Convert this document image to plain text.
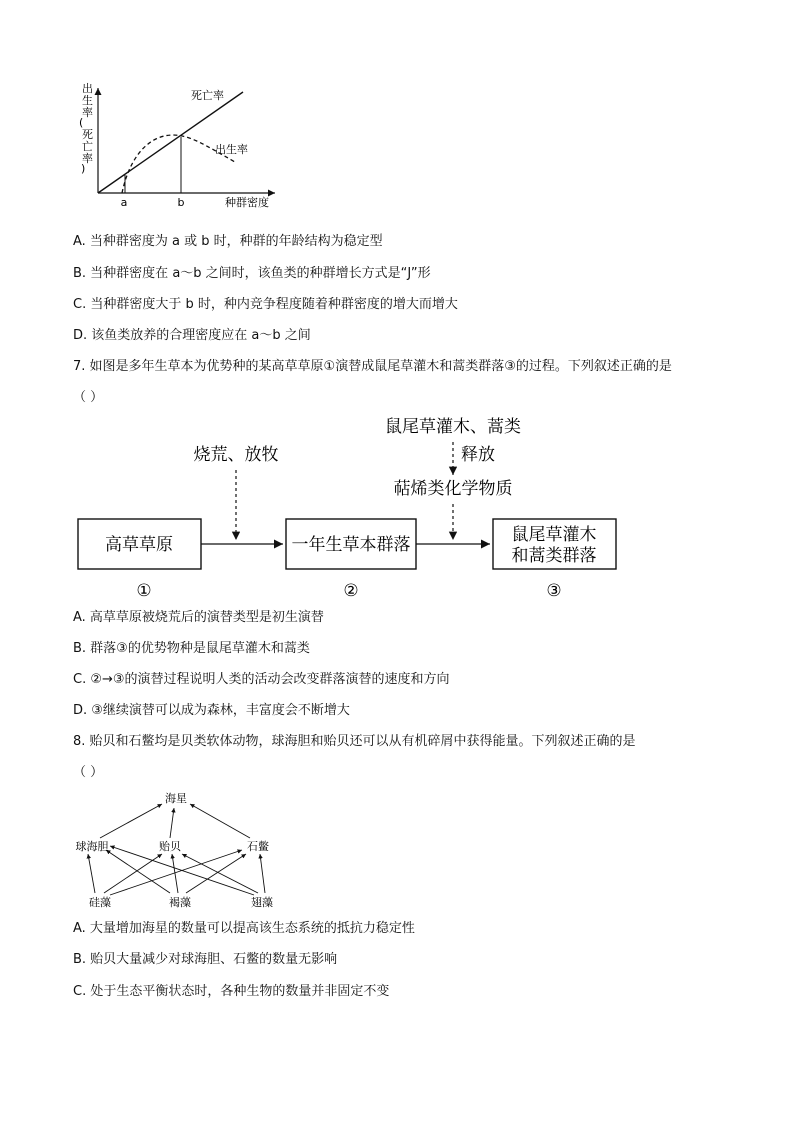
a	b	种群密度
死亡率
出生率
出
生
率
(
死
亡
率
)
A. 当种群密度为 a 或 b 时，种群的年龄结构为稳定型
B. 当种群密度在 a～b 之间时，该鱼类的种群增长方式是“J”形
C. 当种群密度大于 b 时，种内竞争程度随着种群密度的增大而增大
D. 该鱼类放养的合理密度应在 a～b 之间
7. 如图是多年生草本为优势种的某高草草原①演替成鼠尾草灌木和蒿类群落③的过程。下列叙述正确的是
（ ）
鼠尾草灌木、蒿类
释放
萜烯类化学物质
烧荒、放牧
高草草原	一年生草本群落	鼠尾草灌木
和蒿类群落
①	②	③
A. 高草草原被烧荒后的演替类型是初生演替
B. 群落③的优势物种是鼠尾草灌木和蒿类
C. ②→③的演替过程说明人类的活动会改变群落演替的速度和方向
D. ③继续演替可以成为森林，丰富度会不断增大
8. 贻贝和石鳖均是贝类软体动物，球海胆和贻贝还可以从有机碎屑中获得能量。下列叙述正确的是
（ ）
海星
球海胆	贻贝	石鳖
硅藻	褐藻	翅藻
A. 大量增加海星的数量可以提高该生态系统的抵抗力稳定性
B. 贻贝大量减少对球海胆、石鳖的数量无影响
C. 处于生态平衡状态时，各种生物的数量并非固定不变
